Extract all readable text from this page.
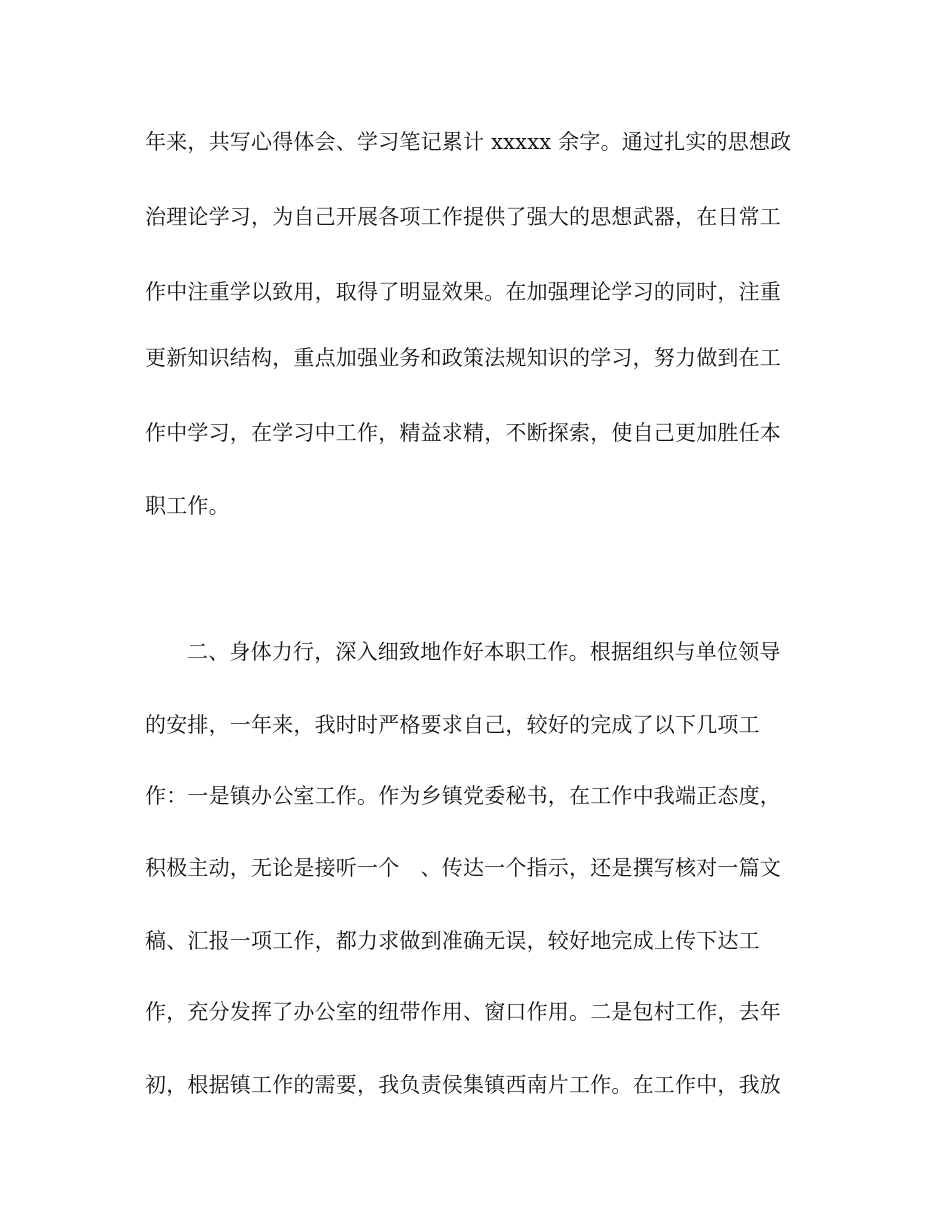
年来，共写心得体会、学习笔记累计 xxxxx 余字。通过扎实的思想政
治理论学习，为自己开展各项工作提供了强大的思想武器，在日常工
作中注重学以致用，取得了明显效果。在加强理论学习的同时，注重
更新知识结构，重点加强业务和政策法规知识的学习，努力做到在工
作中学习，在学习中工作，精益求精，不断探索，使自己更加胜任本
职工作。
二、身体力行，深入细致地作好本职工作。根据组织与单位领导
的安排，一年来，我时时严格要求自己，较好的完成了以下几项工
作：一是镇办公室工作。作为乡镇党委秘书，在工作中我端正态度，
积极主动，无论是接听一个　、传达一个指示，还是撰写核对一篇文
稿、汇报一项工作，都力求做到准确无误，较好地完成上传下达工
作，充分发挥了办公室的纽带作用、窗口作用。二是包村工作，去年
初，根据镇工作的需要，我负责侯集镇西南片工作。在工作中，我放
